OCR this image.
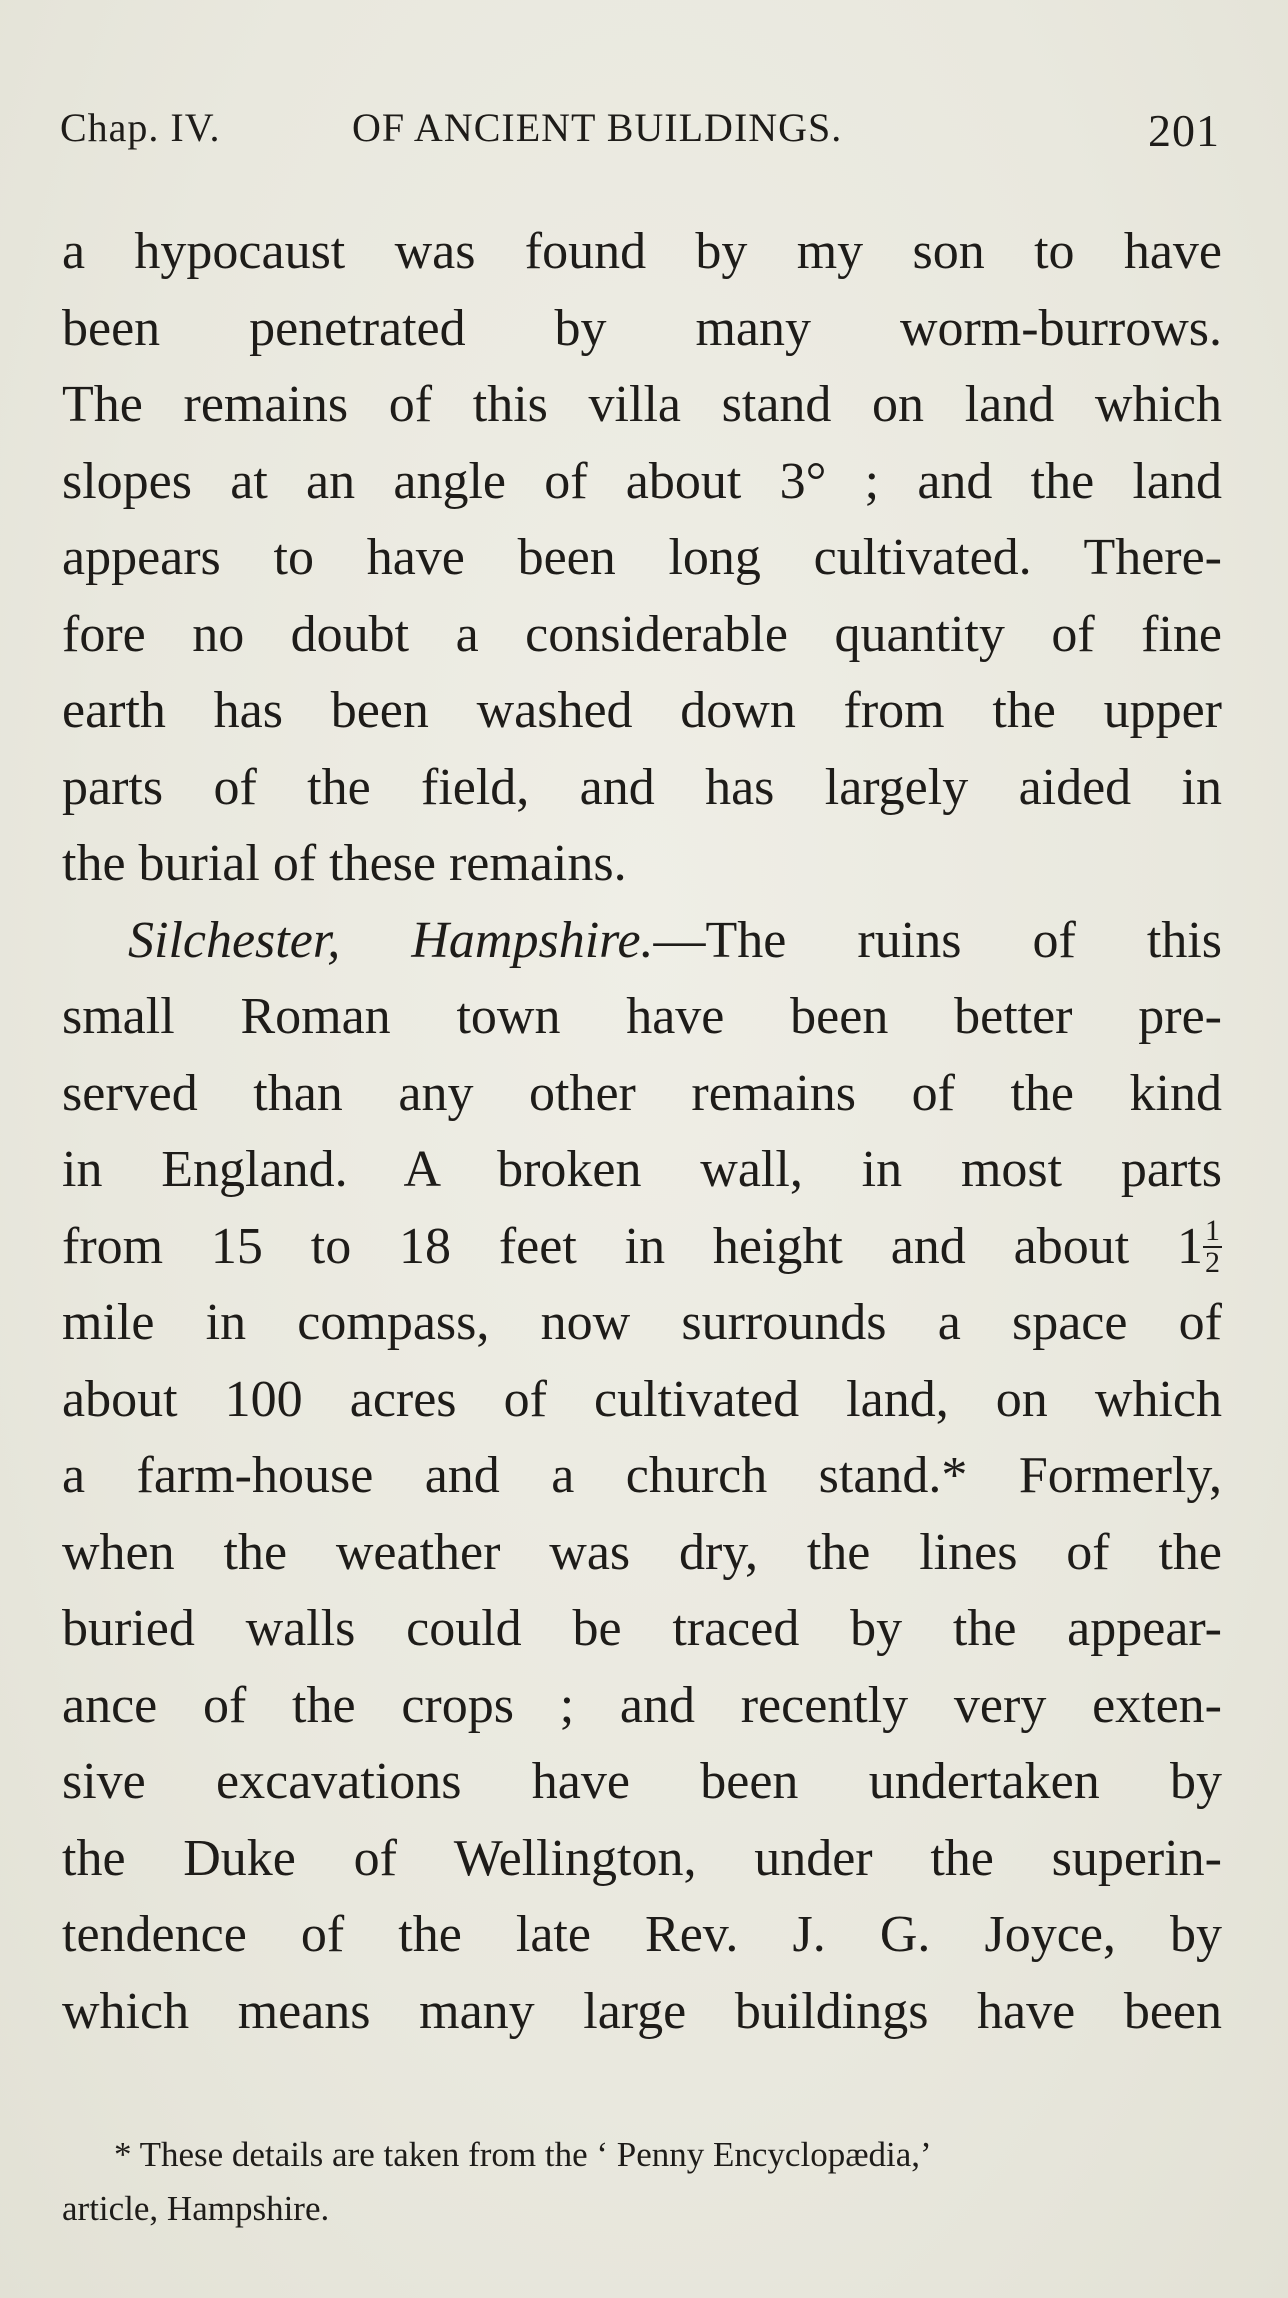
Chap. IV.	OF ANCIENT BUILDINGS.	201
a hypocaust was found by my son to have
been penetrated by many worm-burrows.
The remains of this villa stand on land which
slopes at an angle of about 3° ; and the land
appears to have been long cultivated. There-
fore no doubt a considerable quantity of fine
earth has been washed down from the upper
parts of the field, and has largely aided in
the burial of these remains.
Silchester, Hampshire.—The ruins of this
small Roman town have been better pre-
served than any other remains of the kind
in England. A broken wall, in most parts
from 15 to 18 feet in height and about $1 \frac{1}{2}$
mile in compass, now surrounds a space of
about 100 acres of cultivated land, on which
a farm-house and a church stand.* Formerly,
when the weather was dry, the lines of the
buried walls could be traced by the appear-
ance of the crops ; and recently very exten-
sive excavations have been undertaken by
the Duke of Wellington, under the superin-
tendence of the late Rev. J. G. Joyce, by
which means many large buildings have been
* These details are taken from the ‘ Penny Encyclopædia,’
article, Hampshire.
